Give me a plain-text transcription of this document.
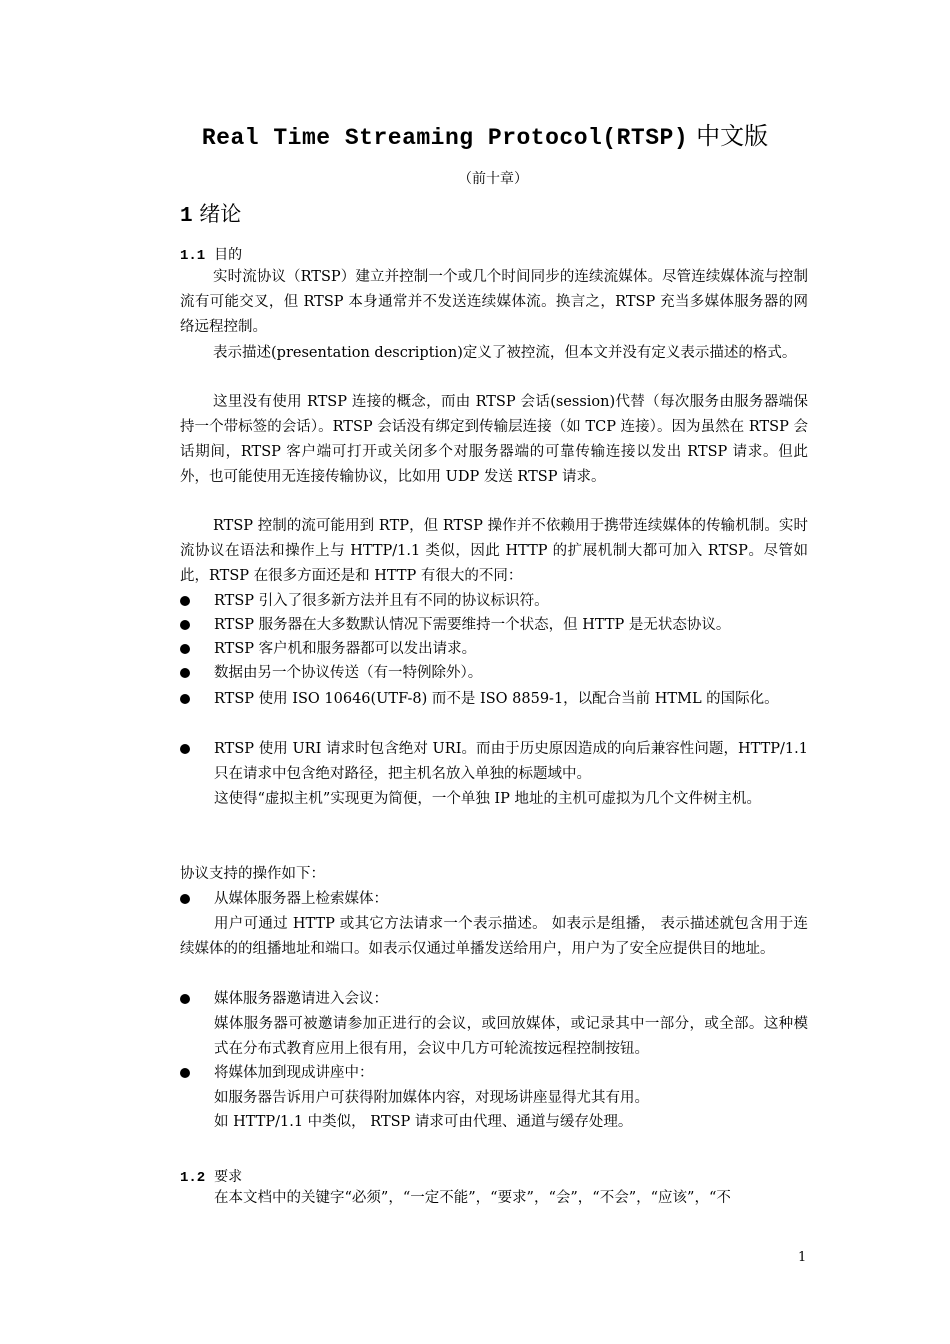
Real Time Streaming Protocol(RTSP) 中文版
（前十章）
1 绪论
1.1 目的
实时流协议（RTSP）建立并控制一个或几个时间同步的连续流媒体。尽管连续媒体流与控制流有可能交叉，但 RTSP 本身通常并不发送连续媒体流。换言之，RTSP 充当多媒体服务器的网络远程控制。
表示描述(presentation description)定义了被控流，但本文并没有定义表示描述的格式。
这里没有使用 RTSP 连接的概念，而由 RTSP 会话(session)代替（每次服务由服务器端保持一个带标签的会话）。RTSP 会话没有绑定到传输层连接（如 TCP 连接）。因为虽然在 RTSP 会话期间，RTSP 客户端可打开或关闭多个对服务器端的可靠传输连接以发出 RTSP 请求。但此外，也可能使用无连接传输协议，比如用 UDP 发送 RTSP 请求。
RTSP 控制的流可能用到 RTP，但 RTSP 操作并不依赖用于携带连续媒体的传输机制。实时流协议在语法和操作上与 HTTP/1.1 类似，因此 HTTP 的扩展机制大都可加入 RTSP。尽管如此，RTSP 在很多方面还是和 HTTP 有很大的不同：
RTSP 引入了很多新方法并且有不同的协议标识符。
RTSP 服务器在大多数默认情况下需要维持一个状态，但 HTTP 是无状态协议。
RTSP 客户机和服务器都可以发出请求。
数据由另一个协议传送（有一特例除外）。
RTSP 使用 ISO 10646(UTF-8) 而不是 ISO 8859-1，以配合当前 HTML 的国际化。
RTSP 使用 URI 请求时包含绝对 URI。而由于历史原因造成的向后兼容性问题，HTTP/1.1 只在请求中包含绝对路径，把主机名放入单独的标题域中。
这使得“虚拟主机”实现更为简便，一个单独 IP 地址的主机可虚拟为几个文件树主机。
协议支持的操作如下：
从媒体服务器上检索媒体：
用户可通过 HTTP 或其它方法请求一个表示描述。 如表示是组播， 表示描述就包含用于连续媒体的的组播地址和端口。如表示仅通过单播发送给用户，用户为了安全应提供目的地址。
媒体服务器邀请进入会议：
媒体服务器可被邀请参加正进行的会议，或回放媒体，或记录其中一部分，或全部。这种模式在分布式教育应用上很有用，会议中几方可轮流按远程控制按钮。
将媒体加到现成讲座中：
如服务器告诉用户可获得附加媒体内容，对现场讲座显得尤其有用。
如 HTTP/1.1 中类似， RTSP 请求可由代理、通道与缓存处理。
1.2 要求
在本文档中的关键字“必须”，“一定不能”，“要求”，“会”，“不会”，“应该”，“不
1
